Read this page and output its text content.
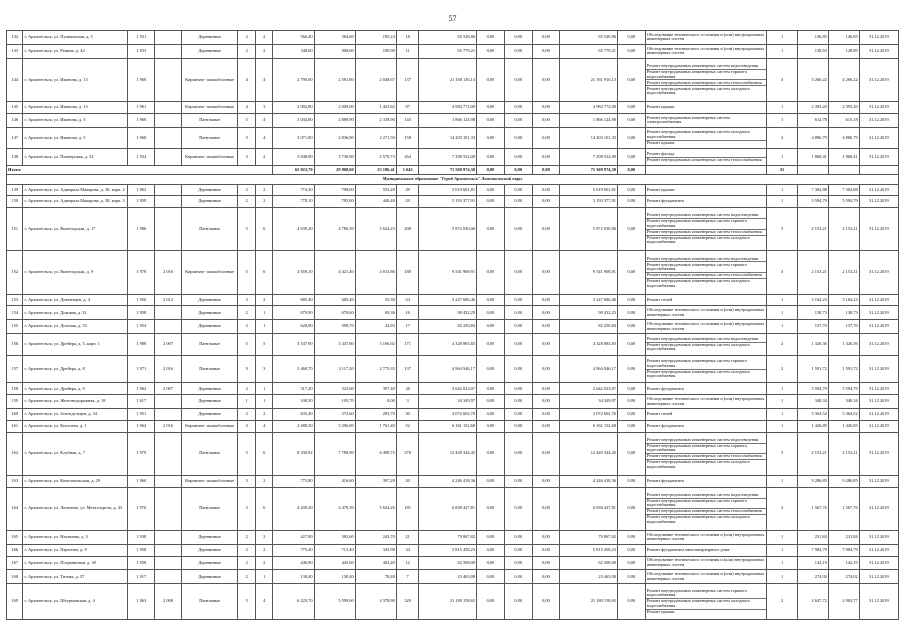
57
142	г. Архангельск, ул. Пушкинская, д. 5	1 931		Деревянные	2	2	566,40	564,60	185,24	18	65 528,86	0,00	0,00	0,00	65 528,86	0,00	Обследование технического состояния и (или) внутридомовых инженерных систем	1	146,85	146,85	31.12.2019
143	г. Архангельск, ул. Репина, д. 42	1 933		Деревянные	2	2	348,60	908,60	189,90	11	65 779,21	0,00	0,00	0,00	65 779,21	0,00	Обследование технического состояния и (или) внутридомовых инженерных систем	1	138,63	128,89	31.12.2019
144	г. Архангельск, ул. Иманова, д. 13	1 960		Кирпично- шлакоблочные	4	4	2 790,00	2 581,80	2 048,67	137	21 168 136,13	0,00	0,00	0,00	21 161 916,13	0,00	Ремонт внутридомовых инженерных систем водоотведения
Ремонт внутридомовых инженерных систем горячего водоснабжения
Ремонт внутридомовых инженерных систем теплоснабжения
Ремонт внутридомовых инженерных систем холодного водоснабжения	3	5 266,22	4 266,22	31.12.2019
145	г. Архангельск, ул. Иманова, д. 15	1 961		Кирпично- шлакоблочные	4	3	2 082,80	2 009,00	1 423,82	97	4 984 772,00	0,00	0,00	0,00	4 984 772,00	0,00	Ремонт крыши	1	2 393,20	2 393,20	31.12.2019
146	г. Архангельск, ул. Иманова, д. 3	1 960		Панельные	5	4	3 034,80	2 889,90	2 318,90	143	1 866 124,98	0,00	0,00	0,00	1 866 124,98	0,00	Ремонт внутридомовых инженерных систем электроснабжения	1	612,78	615,18	31.12.2019
147	г. Архангельск, ул. Иманова, д. 5	1 960		Панельные	5	4	3 071,80	2 836,90	2 271,50	158	14 203 101,33	0,00	0,00	0,00	14 203 101,33	0,00	Ремонт внутридомовых инженерных систем холодного водоснабжения
Ремонт крыши	2	4 886,79	4 886,79	31.12.2019
148	г. Архангельск, ул. Пионерская, д. 32	1 934		Кирпично- шлакоблочные	3	2	3 848,90	3 738,90	2 570,73	264	7 298 532,00	0,00	0,00	0,00	7 298 532,00	0,00	Ремонт фасада
Ремонт внутридомовых инженерных систем теплоснабжения	1	1 868,41	1 868,41	31.12.2019
Итого:							62 023,70	29 868,60	23 186,41	1 642	71 569 974,30	0,00	0,00	0,00	71 569 974,30	0,00		21			
Муниципальное образование "Город Архангельск" Ломоносовский округ																					
149	г. Архангельск, ул. Адмирала Макарова, д. 38, корп. 2	1 962		Деревянные	2	2	774,20	708,00	553,20	29	5 619 601,81	0,00	0,00	0,00	5 619 601,81	0,00	Ремонт крыши	1	7 302,88	7 302,88	31.12.2019
150	г. Архангельск, ул. Адмирала Макарова, д. 38, корп. 3	1 959		Деревянные	2	2	778,10	705,00	440,40	29	5 193 377,91	0,00	0,00	0,00	5 193 377,91	0,00	Ремонт фундамента	1	5 594,79	5 594,79	31.12.2019
151	г. Архангельск, ул. Вычегодская, д. 17	1 986		Панельные	5	6	4 639,20	4 786,50	5 624,23	200	5 872 030,06	0,00	0,00	0,00	5 872 030,06	0,00	Ремонт внутридомовых инженерных систем водоотведения
Ремонт внутридомовых инженерных систем горячего водоснабжения
Ремонт внутридомовых инженерных систем теплоснабжения
Ремонт внутридомовых инженерных систем холодного водоснабжения	3	2 153,21	2 153,21	31.12.2019
152	г. Архангельск, ул. Вычегодская, д. 9	1 978	2 016	Кирпично- шлакоблочные	5	6	4 659,10	4 421,40	4 013,86	180	9 541 968,91	0,00	0,00	0,00	9 541 968,91	0,00	Ремонт внутридомовых инженерных систем водоотведения
Ремонт внутридомовых инженерных систем горячего водоснабжения
Ремонт внутридомовых инженерных систем теплоснабжения
Ремонт внутридомовых инженерных систем холодного водоснабжения	3	2 153,21	2 153,21	31.12.2019
153	г. Архангельск, ул. Дежневцев, д. 4	1 956	2 012	Деревянные	2	2	685,40	685,40	55,30	24	3 247 686,46	0,00	0,00	0,00	3 247 686,46	0,00	Ремонт печей	1	5 164,23	5 164,23	31.12.2019
154	г. Архангельск, ул. Доковая, д. 31	1 958		Деревянные	2	1	679,90	678,60	69,36	16	90 432,25	0,00	0,00	0,00	90 432,25	0,00	Обследование технического состояния и (или) внутридомовых инженерных систем	1	138,73	138,73	31.12.2019
155	г. Архангельск, ул. Донская, д. 53	1 954		Деревянные	2	1	628,90	598,70	22,83	17	82 250,84	0,00	0,00	0,00	82 250,84	0,00	Обследование технического состояния и (или) внутридомовых инженерных систем	1	137,70	137,70	31.12.2019
156	г. Архангельск, ул. Дрейера, д. 5, корп. 1	1 988	2 007	Панельные	5	5	3 547,90	3 347,80	3 166,92	171	4 328 883,83	0,00	0,00	0,00	4 328 883,83	0,00	Ремонт внутридомовых инженерных систем водоотведения
Ремонт внутридомовых инженерных систем холодного водоснабжения	2	1 326,36	1 326,36	31.12.2019
157	г. Архангельск, ул. Дрейера, д. 8	1 971	2 016	Панельные	9	3	3 460,70	3 117,20	2 775,35	137	4 964 946,17	0,00	0,00	0,00	4 964 946,17	0,00	Ремонт внутридомовых инженерных систем горячего водоснабжения
Ремонт внутридомовых инженерных систем холодного водоснабжения	2	1 591,72	1 591,72	31.12.2019
158	г. Архангельск, ул. Дрейера, д. 9	1 962	2 007	Деревянные	2	1	517,20	523,60	397,40	26	2 642 023,07	0,00	0,00	0,00	2 642 023,07	0,00	Ремонт фундамента	1	5 594,79	5 594,79	31.12.2019
159	г. Архангельск, ул. Железнодорожная, д. 18	1 617		Деревянные	1	1	108,50	105,70	0,00	3	34 349,97	0,00	0,00	0,00	34 349,97	0,00	Обследование технического состояния и (или) внутридомовых инженерных систем	1	340,34	340,34	31.12.2019
160	г. Архангельск, ул. Земледельцев, д. 34	1 951		Деревянные	2	2	635,40	572,60	283,70	30	3 072 602,76	0,00	0,00	0,00	3 072 602,76	0,00	Ремонт печей	1	5 364,52	5 364,52	31.12.2019
161	г. Архангельск, ул. Киселева, д. 1	1 962	2 016	Кирпично- шлакоблочные	3	4	2 680,50	5 296,00	1 761,40	52	6 161 152,68	0,00	0,00	0,00	6 161 152,68	0,00	Ремонт фундамента	1	1 426,85	1 426,85	31.12.2019
162	г. Архангельск, ул. Клубная, д. 7	1 979		Панельные	5	6	8 330,92	7 780,90	6 498,75	278	12 449 344,45	0,00	0,00	0,00	12 449 344,45	0,00	Ремонт внутридомовых инженерных систем водоотведения
Ремонт внутридомовых инженерных систем горячего водоснабжения
Ремонт внутридомовых инженерных систем теплоснабжения
Ремонт внутридомовых инженерных систем холодного водоснабжения	3	2 153,21	2 153,21	31.12.2019
163	г. Архангельск, ул. Комсомольская, д. 29	1 960		Кирпично- шлакоблочные	3	2	775,80	416,60	397,20	20	4 246 418,36	0,00	0,00	0,00	4 246 418,36	0,00	Ремонт фундамента	1	9 286,85	9 286,85	31.12.2019
164	г. Архангельск, ул. Логинова, ул. Металлургов, д. 43	1 976		Панельные	5	6	4 439,30	4 479,30	5 624,26	181	6 838 427,81	0,00	0,00	0,00	6 838 427,81	0,00	Ремонт внутридомовых инженерных систем водоотведения
Ремонт внутридомовых инженерных систем горячего водоснабжения
Ремонт внутридомовых инженерных систем теплоснабжения
Ремонт внутридомовых инженерных систем холодного водоснабжения	3	1 567,76	1 567,76	31.12.2019
165	г. Архангельск, ул. Нахимова, д. 3	1 938		Деревянные	2	2	427,90	382,60	243,70	21	79 867,82	0,00	0,00	0,00	79 867,82	0,00	Обследование технического состояния и (или) внутридомовых инженерных систем	1	231,84	231,84	31.12.2019
166	г. Архангельск, ул. Партизан, д. 9	1 958		Деревянные	2	2	775,40	713,40	345,90	34	5 815 458,23	0,00	0,00	0,00	5 815 458,23	0,00	Ремонт фундамента многоквартирного дома	1	7 984,79	7 984,79	31.12.2019
167	г. Архангельск, ул. Пограничная, д. 30	1 958		Деревянные	2	2	446,90	445,60	402,40	12	62 508,00	0,00	0,00	0,00	62 508,00	0,00	Обследование технического состояния и (или) внутридомовых инженерных систем	1	142,19	142,19	31.12.2019
168	г. Архангельск, ул. Титова, д. 37	1 917		Деревянные	2	1	130,40	130,40	78,40	7	23 463,00	0,00	0,00	0,00	23 463,00	0,00	Обследование технического состояния и (или) внутридомовых инженерных систем	1	274,02	274,02	31.12.2019
169	г. Архангельск, ул. Штурманская, д. 4	1 963	2 008	Панельные	5	4	6 223,70	5 599,60	4 378,90	320	21 180 158,65	0,00	0,00	0,00	21 180 158,65	0,00	Ремонт внутридомовых инженерных систем горячего водоснабжения
Ремонт внутридомовых инженерных систем холодного водоснабжения
Ремонт крыши	2	2 647,72	2 983,77	31.12.2019
